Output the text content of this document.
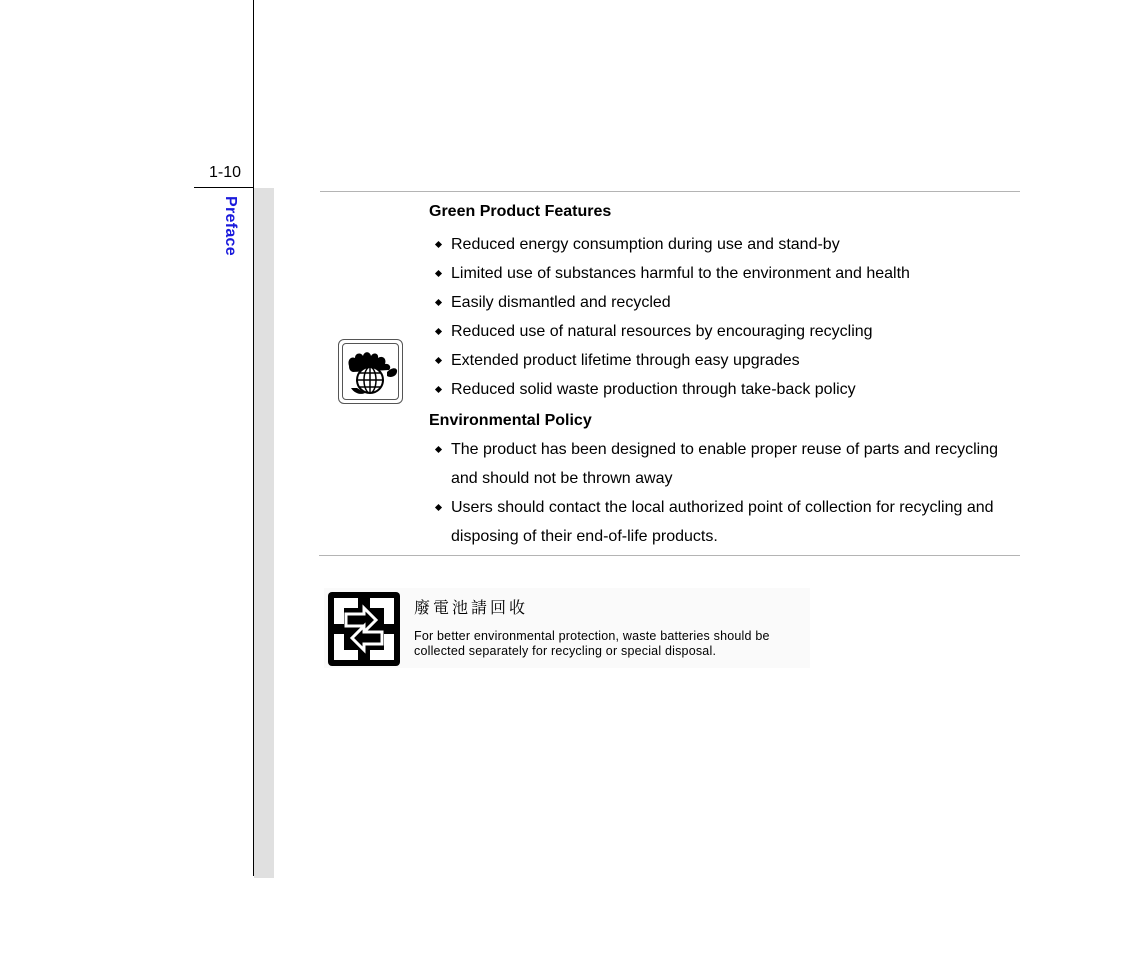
1-10
Preface	Green Product Features

Reduced energy consumption during use and stand-by
Limited use of substances harmful to the environment and health
Easily dismantled and recycled
Reduced use of natural resources by encouraging recycling
Extended product lifetime through easy upgrades
Reduced solid waste production through take-back policy

Environmental Policy

The product has been designed to enable proper reuse of parts and recycling and should not be thrown away
Users should contact the local authorized point of collection for recycling and disposing of their end-of-life products.
廢電池請回收
For better environmental protection, waste batteries should be
collected separately for recycling or special disposal.
